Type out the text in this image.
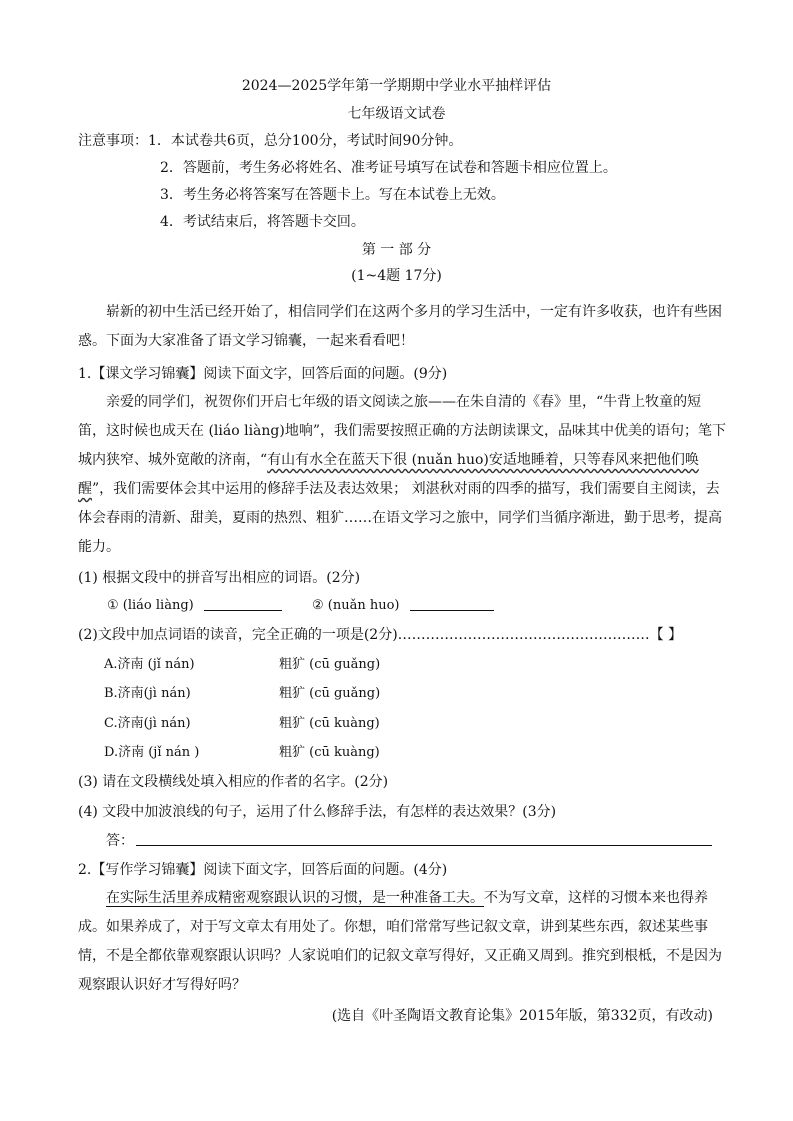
2024—2025学年第一学期期中学业水平抽样评估
七年级语文试卷
注意事项： 1．本试卷共6页，总分100分，考试时间90分钟。
2．答题前，考生务必将姓名、准考证号填写在试卷和答题卡相应位置上。
3．考生务必将答案写在答题卡上。写在本试卷上无效。
4．考试结束后，将答题卡交回。
第 一 部 分
(1~4题 17分)
崭新的初中生活已经开始了，相信同学们在这两个多月的学习生活中，一定有许多收获，也许有些困惑。下面为大家准备了语文学习锦囊，一起来看看吧！
1.【课文学习锦囊】阅读下面文字，回答后面的问题。(9分)
亲爱的同学们，祝贺你们开启七年级的语文阅读之旅——在朱自清的《春》里，“牛背上牧童的短笛，这时候也成天在 (liáo liàng)地响”，我们需要按照正确的方法朗读课文，品味其中优美的语句；笔下城内狭窄、城外宽敞的济南，“有山有水全在蓝天下很 (nuǎn huo)安适地睡着，只等春风来把他们唤醒”，我们需要体会其中运用的修辞手法及表达效果； 刘湛秋对雨的四季的描写，我们需要自主阅读，去体会春雨的清新、甜美，夏雨的热烈、粗犷……在语文学习之旅中，同学们当循序渐进，勤于思考，提高能力。
(1) 根据文段中的拼音写出相应的词语。(2分)
① (liáo liàng)	② (nuǎn huo)
(2)文段中加点词语的读音，完全正确的一项是(2分)………………………………………………【 】
A.济南 (jǐ nán)	粗犷 (cū guǎng)
B.济南(jì nán)	粗犷 (cū guǎng)
C.济南(jì nán)	粗犷 (cū kuàng)
D.济南 (jǐ nán )	粗犷 (cū kuàng)
(3) 请在文段横线处填入相应的作者的名字。(2分)
(4) 文段中加波浪线的句子，运用了什么修辞手法，有怎样的表达效果？(3分)
答：
2.【写作学习锦囊】阅读下面文字，回答后面的问题。(4分)
在实际生活里养成精密观察跟认识的习惯，是一种准备工夫。不为写文章，这样的习惯本来也得养成。如果养成了，对于写文章太有用处了。你想，咱们常常写些记叙文章，讲到某些东西，叙述某些事情，不是全都依靠观察跟认识吗？人家说咱们的记叙文章写得好，又正确又周到。推究到根柢，不是因为观察跟认识好才写得好吗？
(选自《叶圣陶语文教育论集》2015年版，第332页，有改动)
